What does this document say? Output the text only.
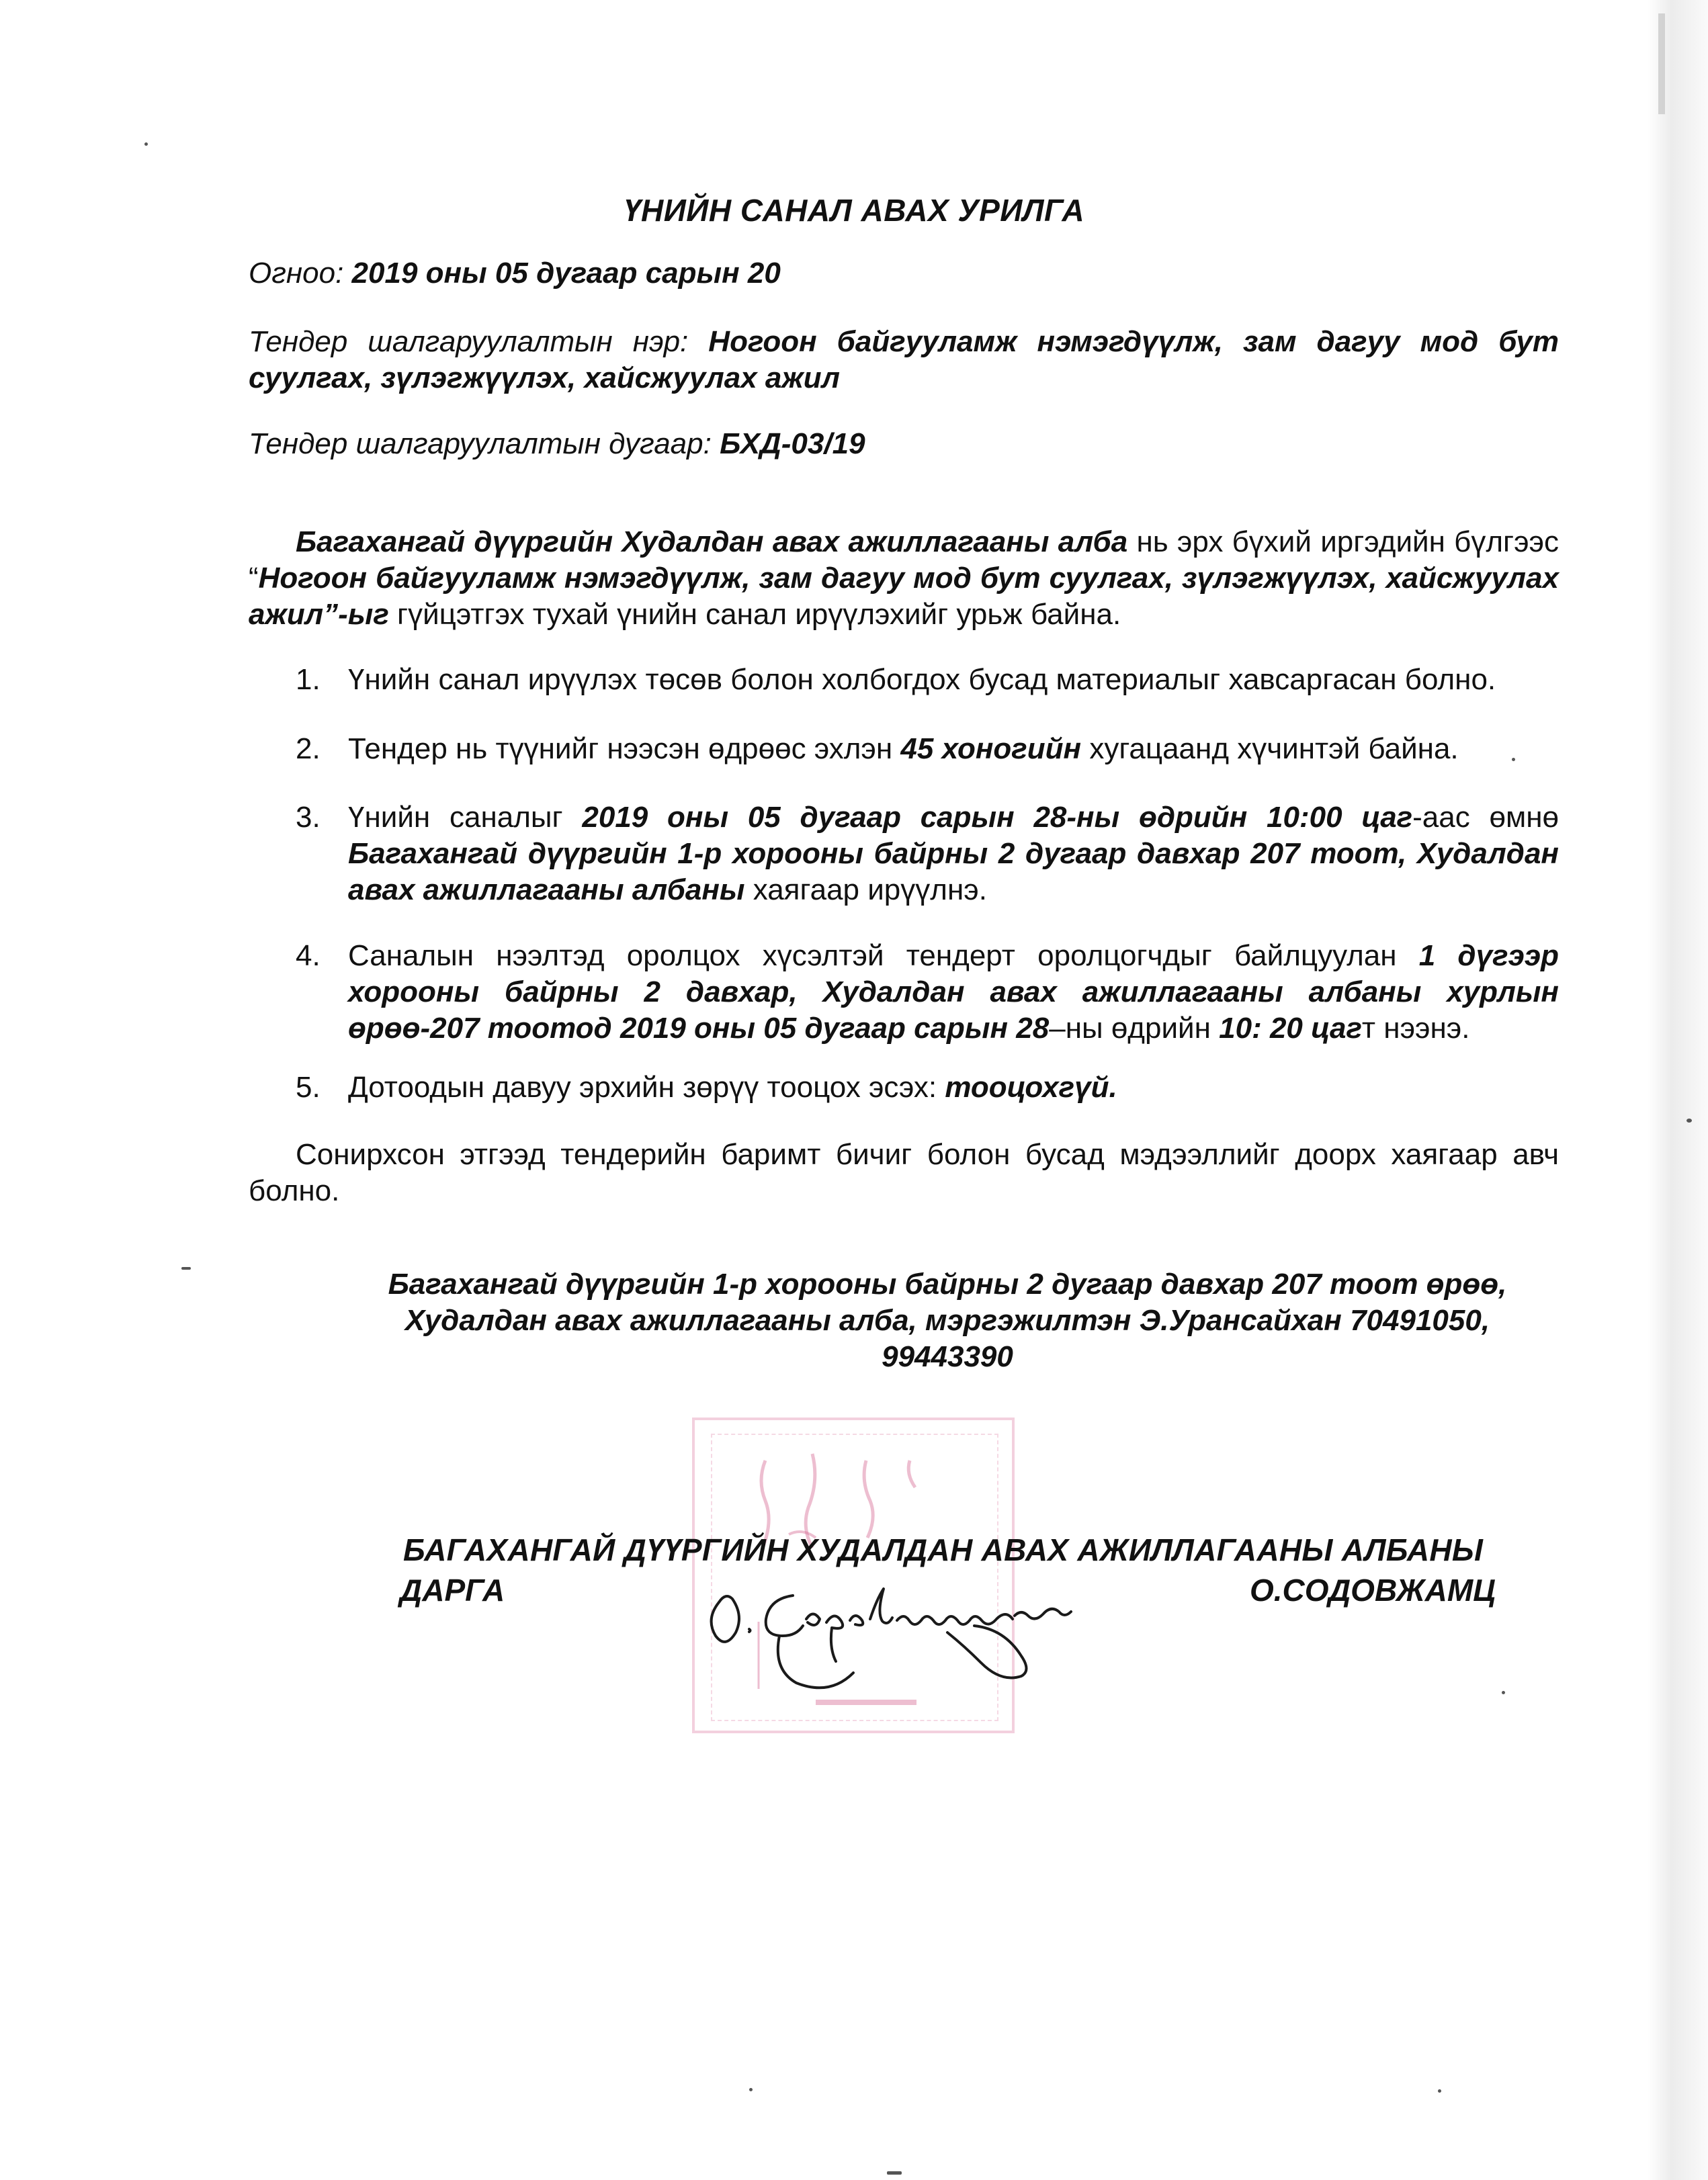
ҮНИЙН САНАЛ АВАХ УРИЛГА
Огноо: 2019 оны 05 дугаар сарын 20
Тендер шалгаруулалтын нэр: Ногоон байгууламж нэмэгдүүлж, зам дагуу мод бут суулгах, зүлэгжүүлэх, хайсжуулах ажил
Тендер шалгаруулалтын дугаар: БХД-03/19
Багахангай дүүргийн Худалдан авах ажиллагааны алба нь эрх бүхий иргэдийн бүлгээс “Ногоон байгууламж нэмэгдүүлж, зам дагуу мод бут суулгах, зүлэгжүүлэх, хайсжуулах ажил”-ыг гүйцэтгэх тухай үнийн санал ирүүлэхийг урьж байна.
1. Үнийн санал ирүүлэх төсөв болон холбогдох бусад материалыг хавсаргасан болно.
2. Тендер нь түүнийг нээсэн өдрөөс эхлэн 45 хоногийн хугацаанд хүчинтэй байна.
3. Үнийн саналыг 2019 оны 05 дугаар сарын 28-ны өдрийн 10:00 цаг-аас өмнө Багахангай дүүргийн 1-р хорооны байрны 2 дугаар давхар 207 тоот, Худалдан авах ажиллагааны албаны хаягаар ирүүлнэ.
4. Саналын нээлтэд оролцох хүсэлтэй тендерт оролцогчдыг байлцуулан 1 дүгээр хорооны байрны 2 давхар, Худалдан авах ажиллагааны албаны хурлын өрөө-207 тоотод 2019 оны 05 дугаар сарын 28–ны өдрийн 10: 20 цагт нээнэ.
5. Дотоодын давуу эрхийн зөрүү тооцох эсэх: тооцохгүй.
Сонирхсон этгээд тендерийн баримт бичиг болон бусад мэдээллийг доорх хаягаар авч болно.
Багахангай дүүргийн 1-р хорооны байрны 2 дугаар давхар 207 тоот өрөө,
Худалдан авах ажиллагааны алба, мэргэжилтэн Э.Урансайхан 70491050,
99443390
БАГАХАНГАЙ ДҮҮРГИЙН ХУДАЛДАН АВАХ АЖИЛЛАГААНЫ АЛБАНЫ
ДАРГА	О.СОДОВЖАМЦ
